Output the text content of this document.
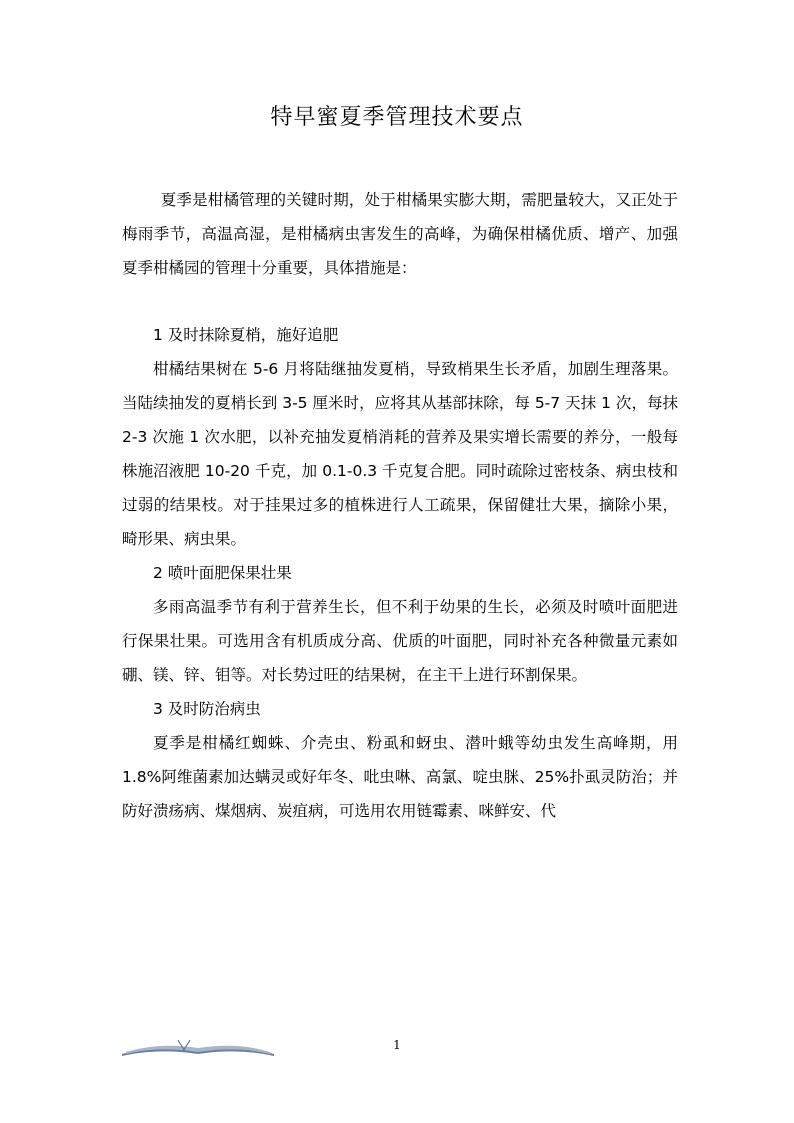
特早蜜夏季管理技术要点

夏季是柑橘管理的关键时期，处于柑橘果实膨大期，需肥量较大，又正处于梅雨季节，高温高湿，是柑橘病虫害发生的高峰，为确保柑橘优质、增产、加强夏季柑橘园的管理十分重要，具体措施是：

1 及时抹除夏梢，施好追肥

柑橘结果树在 5-6 月将陆继抽发夏梢，导致梢果生长矛盾，加剧生理落果。当陆续抽发的夏梢长到 3-5 厘米时，应将其从基部抹除，每 5-7 天抹 1 次，每抹 2-3 次施 1 次水肥，以补充抽发夏梢消耗的营养及果实增长需要的养分，一般每株施沼液肥 10-20 千克，加 0.1-0.3 千克复合肥。同时疏除过密枝条、病虫枝和过弱的结果枝。对于挂果过多的植株进行人工疏果，保留健壮大果，摘除小果，畸形果、病虫果。

2 喷叶面肥保果壮果

多雨高温季节有利于营养生长，但不利于幼果的生长，必须及时喷叶面肥进行保果壮果。可选用含有机质成分高、优质的叶面肥，同时补充各种微量元素如硼、镁、锌、钼等。对长势过旺的结果树，在主干上进行环割保果。

3 及时防治病虫

夏季是柑橘红蜘蛛、介壳虫、粉虱和蚜虫、潜叶蛾等幼虫发生高峰期，用 1.8%阿维菌素加达螨灵或好年冬、吡虫啉、高氯、啶虫脒、25%扑虱灵防治；并防好溃疡病、煤烟病、炭疽病，可选用农用链霉素、咪鲜安、代

1
